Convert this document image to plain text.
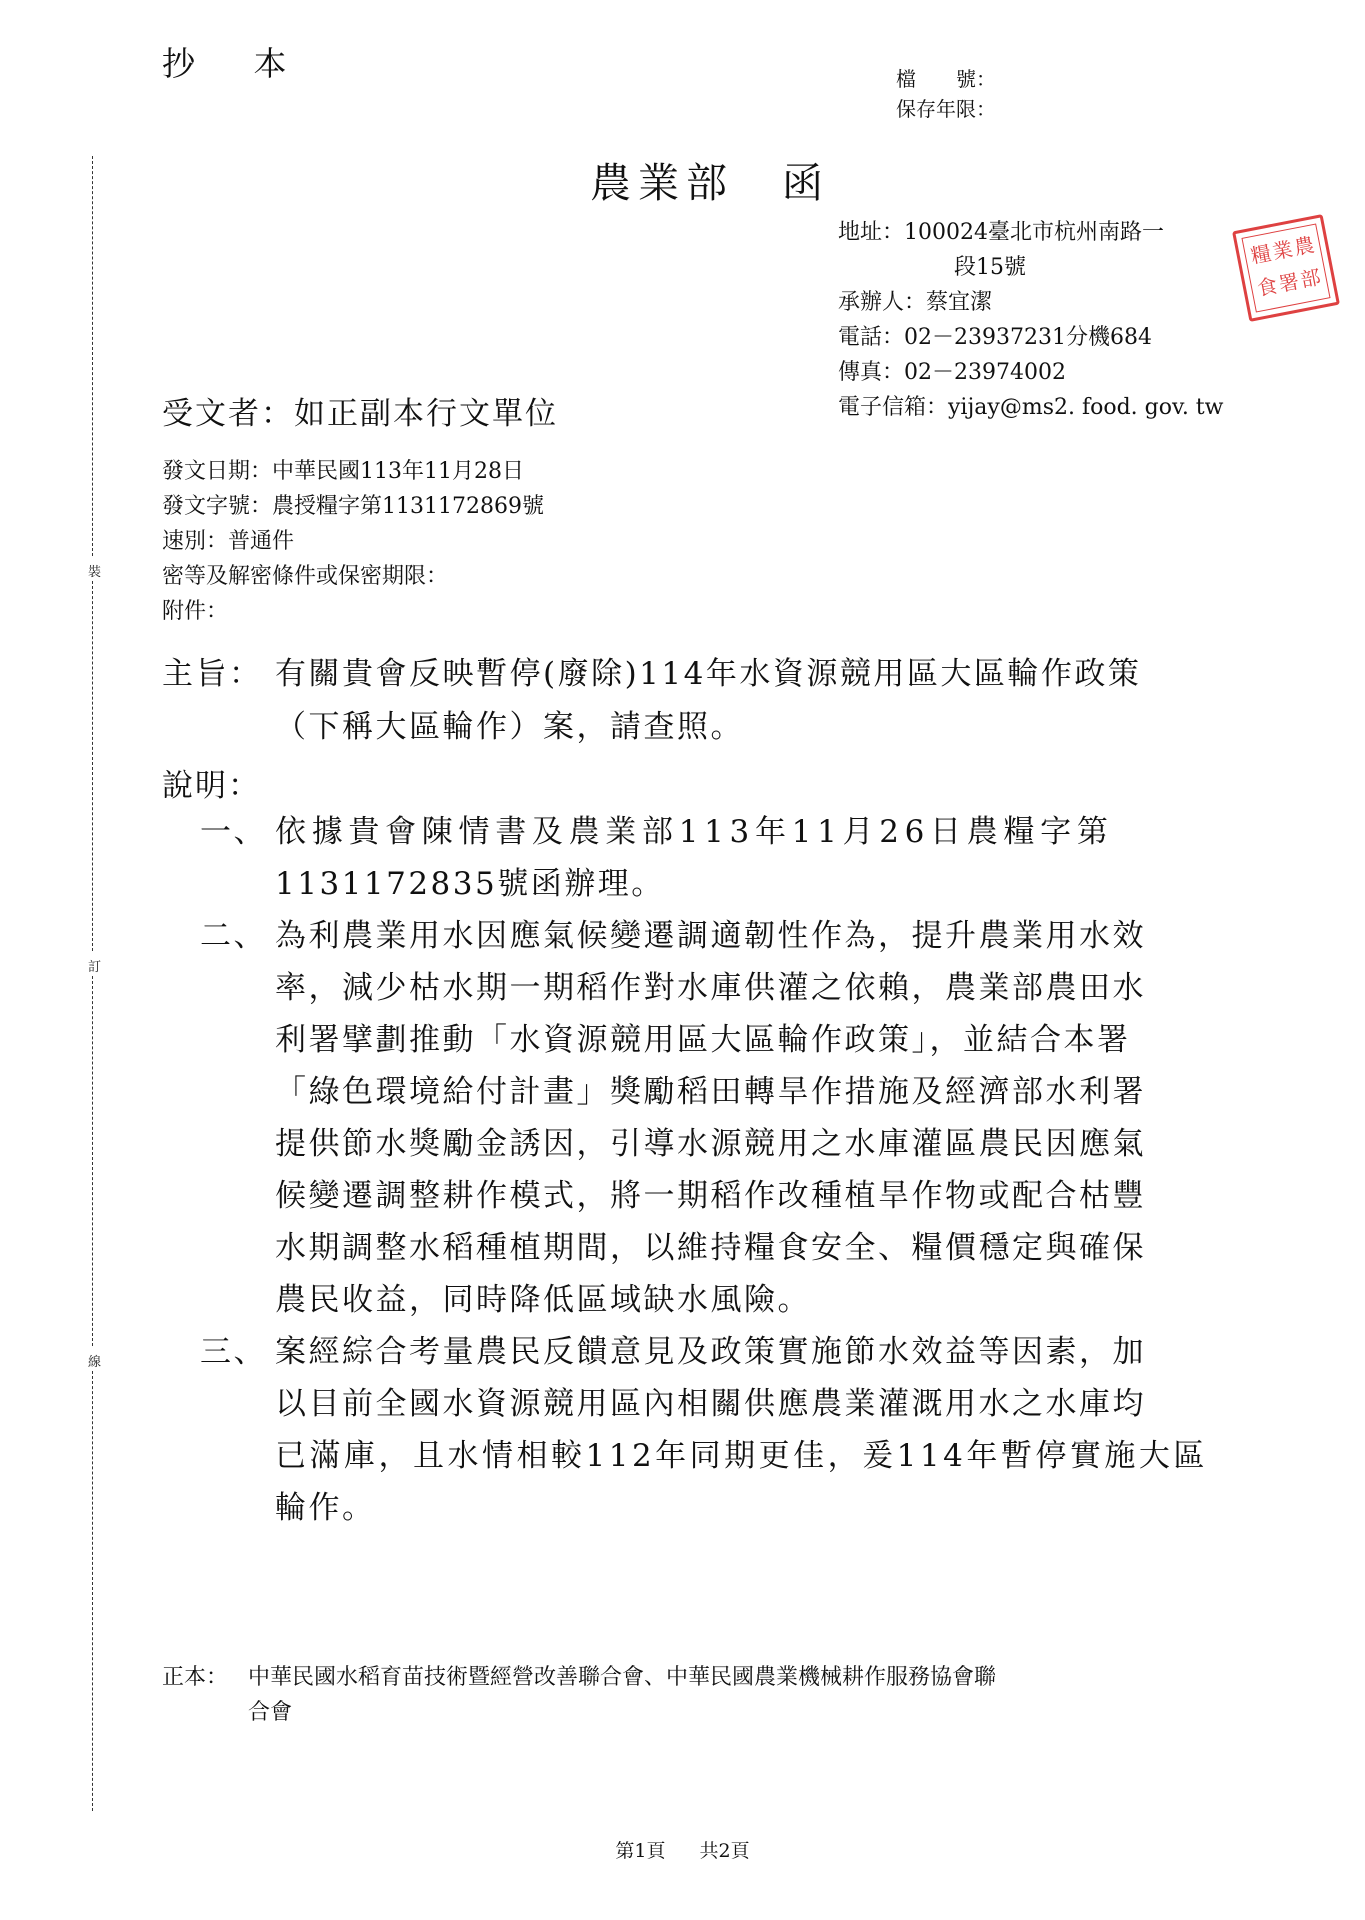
抄 本	檔　　號：
保存年限：
裝
訂
線
農業部　函
地址：100024臺北市杭州南路一
段15號
承辦人：蔡宜潔
電話：02－23937231分機684
傳真：02－23974002
電子信箱：yijay@ms2. food. gov. tw
糧
業
農
食
署
部
受文者：如正副本行文單位
發文日期：中華民國113年11月28日
發文字號：農授糧字第1131172869號
速別：普通件
密等及解密條件或保密期限：
附件：
主旨： 有關貴會反映暫停(廢除)114年水資源競用區大區輪作政策
（下稱大區輪作）案，請查照。
說明：
一、 依據貴會陳情書及農業部113年11月26日農糧字第
1131172835號函辦理。
二、 為利農業用水因應氣候變遷調適韌性作為，提升農業用水效
率，減少枯水期一期稻作對水庫供灌之依賴，農業部農田水
利署擘劃推動「水資源競用區大區輪作政策」，並結合本署
「綠色環境給付計畫」獎勵稻田轉旱作措施及經濟部水利署
提供節水獎勵金誘因，引導水源競用之水庫灌區農民因應氣
候變遷調整耕作模式，將一期稻作改種植旱作物或配合枯豐
水期調整水稻種植期間，以維持糧食安全、糧價穩定與確保
農民收益，同時降低區域缺水風險。
三、 案經綜合考量農民反饋意見及政策實施節水效益等因素，加
以目前全國水資源競用區內相關供應農業灌溉用水之水庫均
已滿庫，且水情相較112年同期更佳，爰114年暫停實施大區
輪作。
正本： 中華民國水稻育苗技術暨經營改善聯合會、中華民國農業機械耕作服務協會聯
合會
第1頁 共2頁
